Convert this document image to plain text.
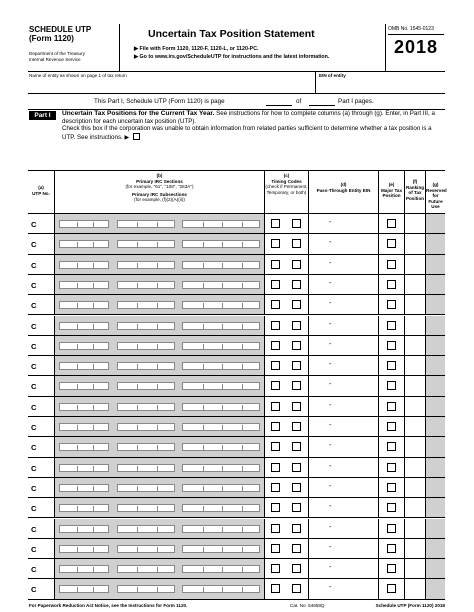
SCHEDULE UTP
(Form 1120)
Department of the Treasury
Internal Revenue Service
Uncertain Tax Position Statement
▶ File with Form 1120, 1120-F, 1120-L, or 1120-PC.
▶ Go to www.irs.gov/ScheduleUTP for instructions and the latest information.
OMB No. 1545-0123
2018
Name of entity as shown on page 1 of tax return	EIN of entity
This Part I, Schedule UTP (Form 1120) is page	of	Part I pages.
Part I	Uncertain Tax Positions for the Current Tax Year. See instructions for how to complete columns (a) through (g). Enter, in Part III, a description for each uncertain tax position (UTP).
Check this box if the corporation was unable to obtain information from related parties sufficient to determine whether a tax position is a UTP. See instructions. ▶
(a)
UTP No.
(b)
Primary IRC Sections
(for example, "61", "108", "263A")
Primary IRC Subsections
(for example, (f)(2)(A)(ii))
(c)
Timing Codes
(check if Permanent, Temporary, or both)
(d)
Pass-Through Entity EIN
(e)
Major Tax Position
(f)
Ranking of Tax Position
(g)
Reserved for Future Use
C	-
C	-
C	-
C	-
C	-
C	-
C	-
C	-
C	-
C	-
C	-
C	-
C	-
C	-
C	-
C	-
C	-
C	-
C	-
For Paperwork Reduction Act Notice, see the Instructions for Form 1120.	Cat. No. 54658Q	Schedule UTP (Form 1120) 2018
